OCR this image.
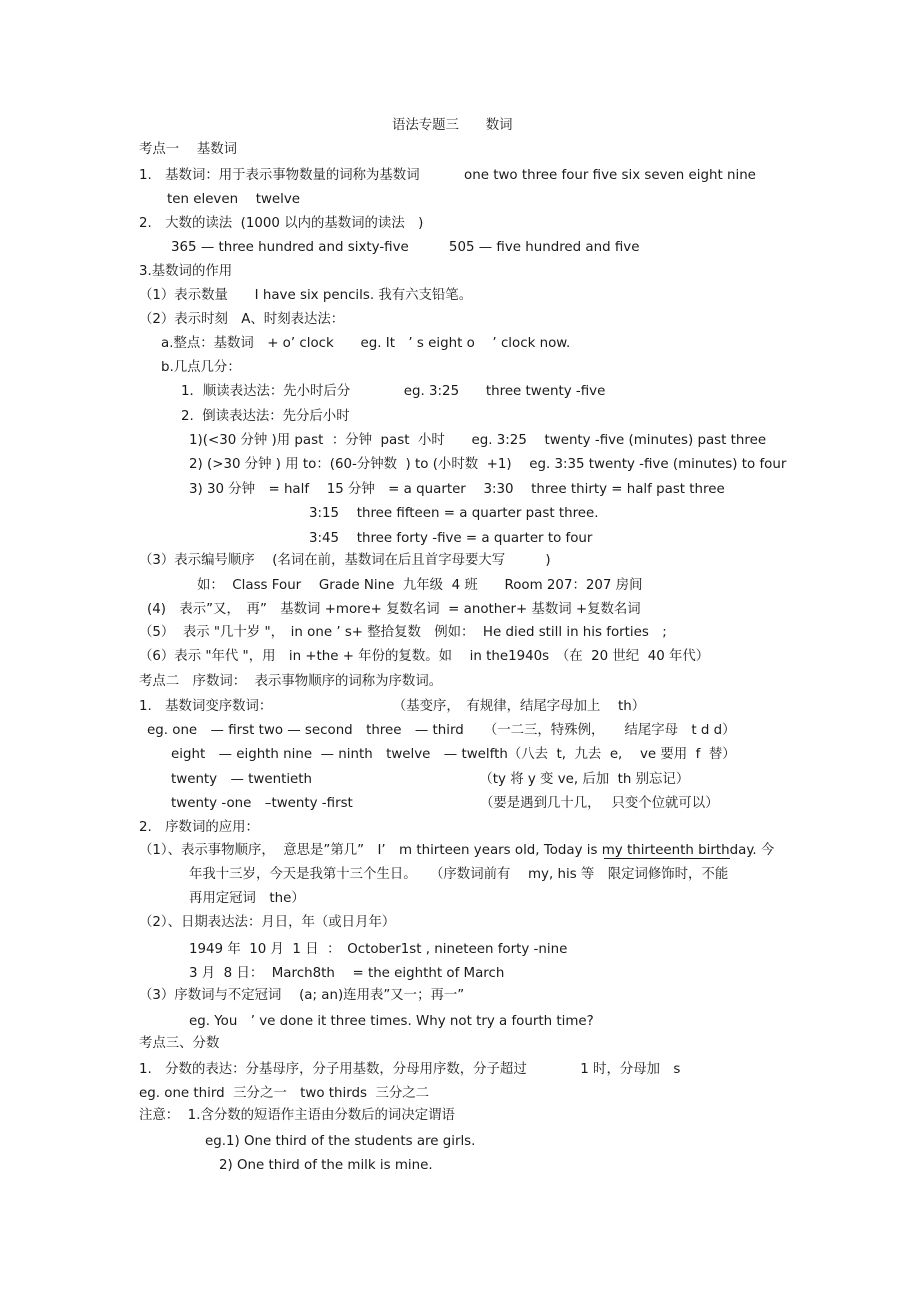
语法专题三　　数词
考点一　 基数词
1.　基数词：用于表示事物数量的词称为基数词　　　 one two three four five six seven eight nine
ten eleven　 twelve
2.　大数的读法  (1000 以内的基数词的读法　)
365 — three hundred and sixty-five　　　505 — five hundred and five
3.基数词的作用
（1）表示数量　　I have six pencils. 我有六支铅笔。
（2）表示时刻　A、时刻表达法：
a.整点：基数词　+ o’ clock　　eg. It　’ s eight o　 ’ clock now.
b.几点几分：
1．顺读表达法：先小时后分　　　　eg. 3:25　　three twenty -five
2.  倒读表达法：先分后小时
1)(<30 分钟 )用 past  ：分钟  past  小时　　eg. 3:25　 twenty -five (minutes) past three
2) (>30 分钟 ) 用 to：(60-分钟数  ) to (小时数  +1)　 eg. 3:35 twenty -five (minutes) to four
3) 30 分钟　= half　 15 分钟　= a quarter　 3:30　 three thirty = half past three
3:15　 three fifteen = a quarter past three.
3:45　 three forty -five = a quarter to four
（3）表示编号顺序　 (名词在前，基数词在后且首字母要大写　　　)
如：  Class Four　 Grade Nine  九年级  4 班　　Room 207：207 房间
(4)　表示”又，　再”　基数词 +more+ 复数名词  = another+ 基数词 +复数名词
（5）  表示 "几十岁 "，　in one ’ s+ 整拾复数　例如：  He died still in his forties　;
（6）表示 "年代 "，用　in +the + 年份的复数。如　 in the1940s　（在  20 世纪  40 年代）
考点二　序数词：  表示事物顺序的词称为序数词。
1.　基数词变序数词：　　　　　　　　　　（基变序，　有规律，结尾字母加上　 th）
eg. one　— first two — second　three　— third　　（一二三，特殊例，　　结尾字母　t d d）
eight　— eighth nine  — ninth　twelve　— twelfth（八去  t,  九去  e,　 ve 要用  f  替）
twenty　— twentieth　　　　　　　　　　　　　（ty 将 y 变 ve, 后加  th 别忘记）
twenty -one　–twenty -first　　　　　　　　　　（要是遇到几十几，　 只变个位就可以）
2.　序数词的应用：
（1）、表示事物顺序，  意思是”第几”　I’　m thirteen years old, Today is my thirteenth birthday. 今
年我十三岁，今天是我第十三个生日。　　（序数词前有　 my, his 等　限定词修饰时，不能
再用定冠词　the）
（2）、日期表达法：月日，年（或日月年）
1949 年  10 月  1 日  ：　October1st , nineteen forty -nine
3 月  8 日：  March8th　 = the eightht of March
（3）序数词与不定冠词　 (a; an)连用表”又一；再一”
eg. You　’ ve done it three times. Why not try a fourth time?
考点三、分数
1.　分数的表达：分基母序，分子用基数，分母用序数，分子超过　　　　1 时，分母加　s
eg. one third  三分之一　two thirds  三分之二
注意：  1.含分数的短语作主语由分数后的词决定谓语
eg.1) One third of the students are girls.
2) One third of the milk is mine.
